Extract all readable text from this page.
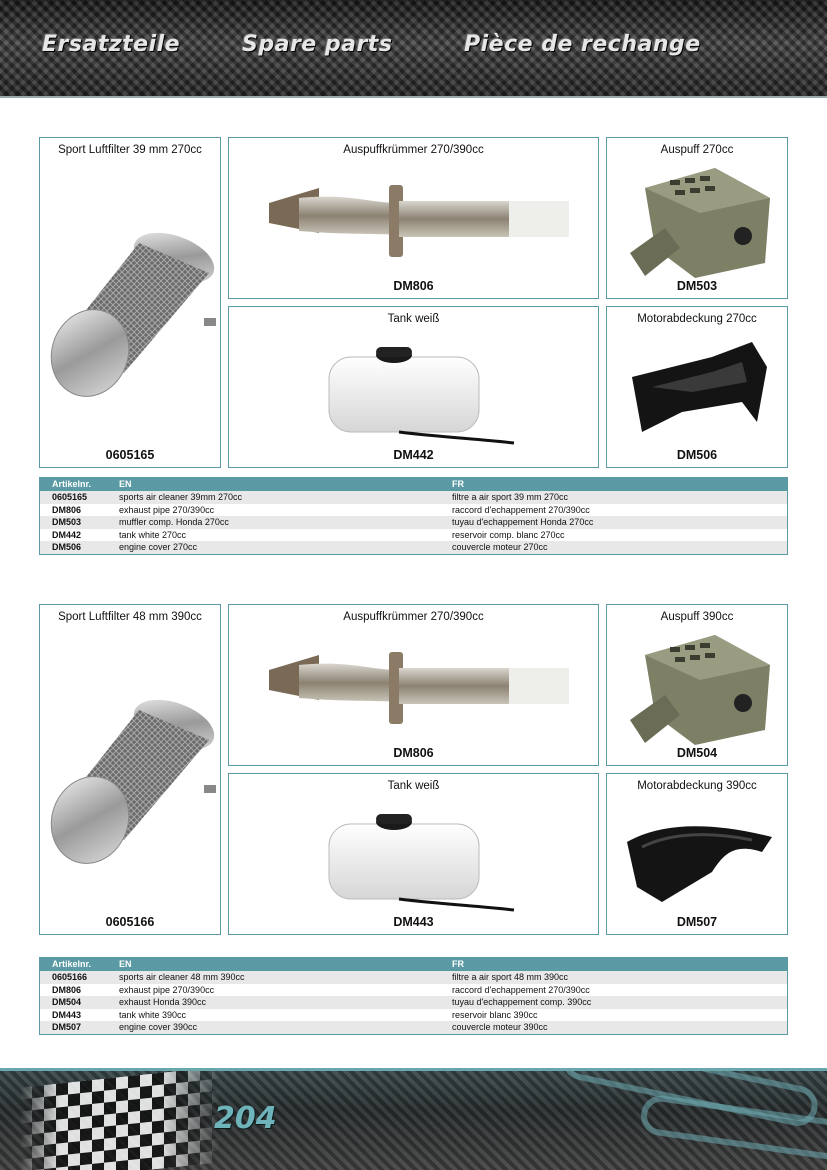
Ersatzteile	Spare parts	Pièce de rechange
Sport Luftfilter 39 mm 270cc
0605165
Auspuffkrümmer 270/390cc
DM806
Auspuff 270cc
DM503
Tank weiß
DM442
Motorabdeckung 270cc
DM506
Artikelnr.	EN	FR
0605165	sports air cleaner 39mm 270cc	filtre a air sport 39 mm 270cc
DM806	exhaust pipe 270/390cc	raccord d'echappement 270/390cc
DM503	muffler comp. Honda 270cc	tuyau d'echappement Honda 270cc
DM442	tank white 270cc	reservoir comp. blanc 270cc
DM506	engine cover 270cc	couvercle moteur 270cc
Sport Luftfilter 48 mm 390cc
0605166
Auspuffkrümmer 270/390cc
DM806
Auspuff 390cc
DM504
Tank weiß
DM443
Motorabdeckung 390cc
DM507
Artikelnr.	EN	FR
0605166	sports air cleaner 48 mm 390cc	filtre a air sport 48 mm 390cc
DM806	exhaust pipe 270/390cc	raccord d'echappement 270/390cc
DM504	exhaust Honda 390cc	tuyau d'echappement comp. 390cc
DM443	tank white 390cc	reservoir blanc 390cc
DM507	engine cover 390cc	couvercle moteur 390cc
204
